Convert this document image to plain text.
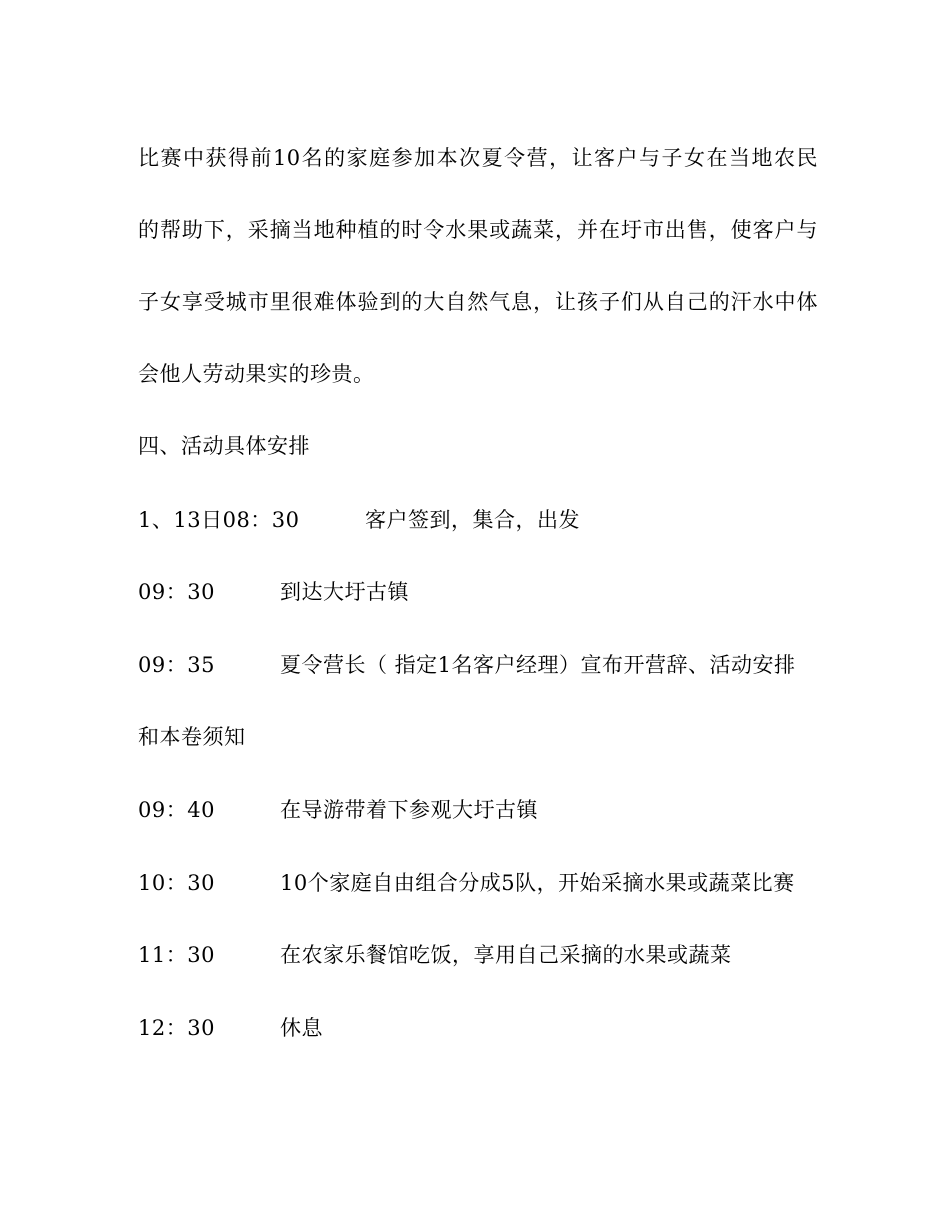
比赛中获得前10名的家庭参加本次夏令营，让客户与子女在当地农民
的帮助下，采摘当地种植的时令水果或蔬菜，并在圩市出售，使客户与
子女享受城市里很难体验到的大自然气息，让孩子们从自己的汗水中体
会他人劳动果实的珍贵。
四、活动具体安排
1、13日08：30	客户签到，集合，出发
09：30	到达大圩古镇
09：35	夏令营长（ 指定1名客户经理）宣布开营辞、活动安排
和本卷须知
09：40	在导游带着下参观大圩古镇
10：30	10个家庭自由组合分成5队，开始采摘水果或蔬菜比赛
11：30	在农家乐餐馆吃饭，享用自己采摘的水果或蔬菜
12：30	休息
